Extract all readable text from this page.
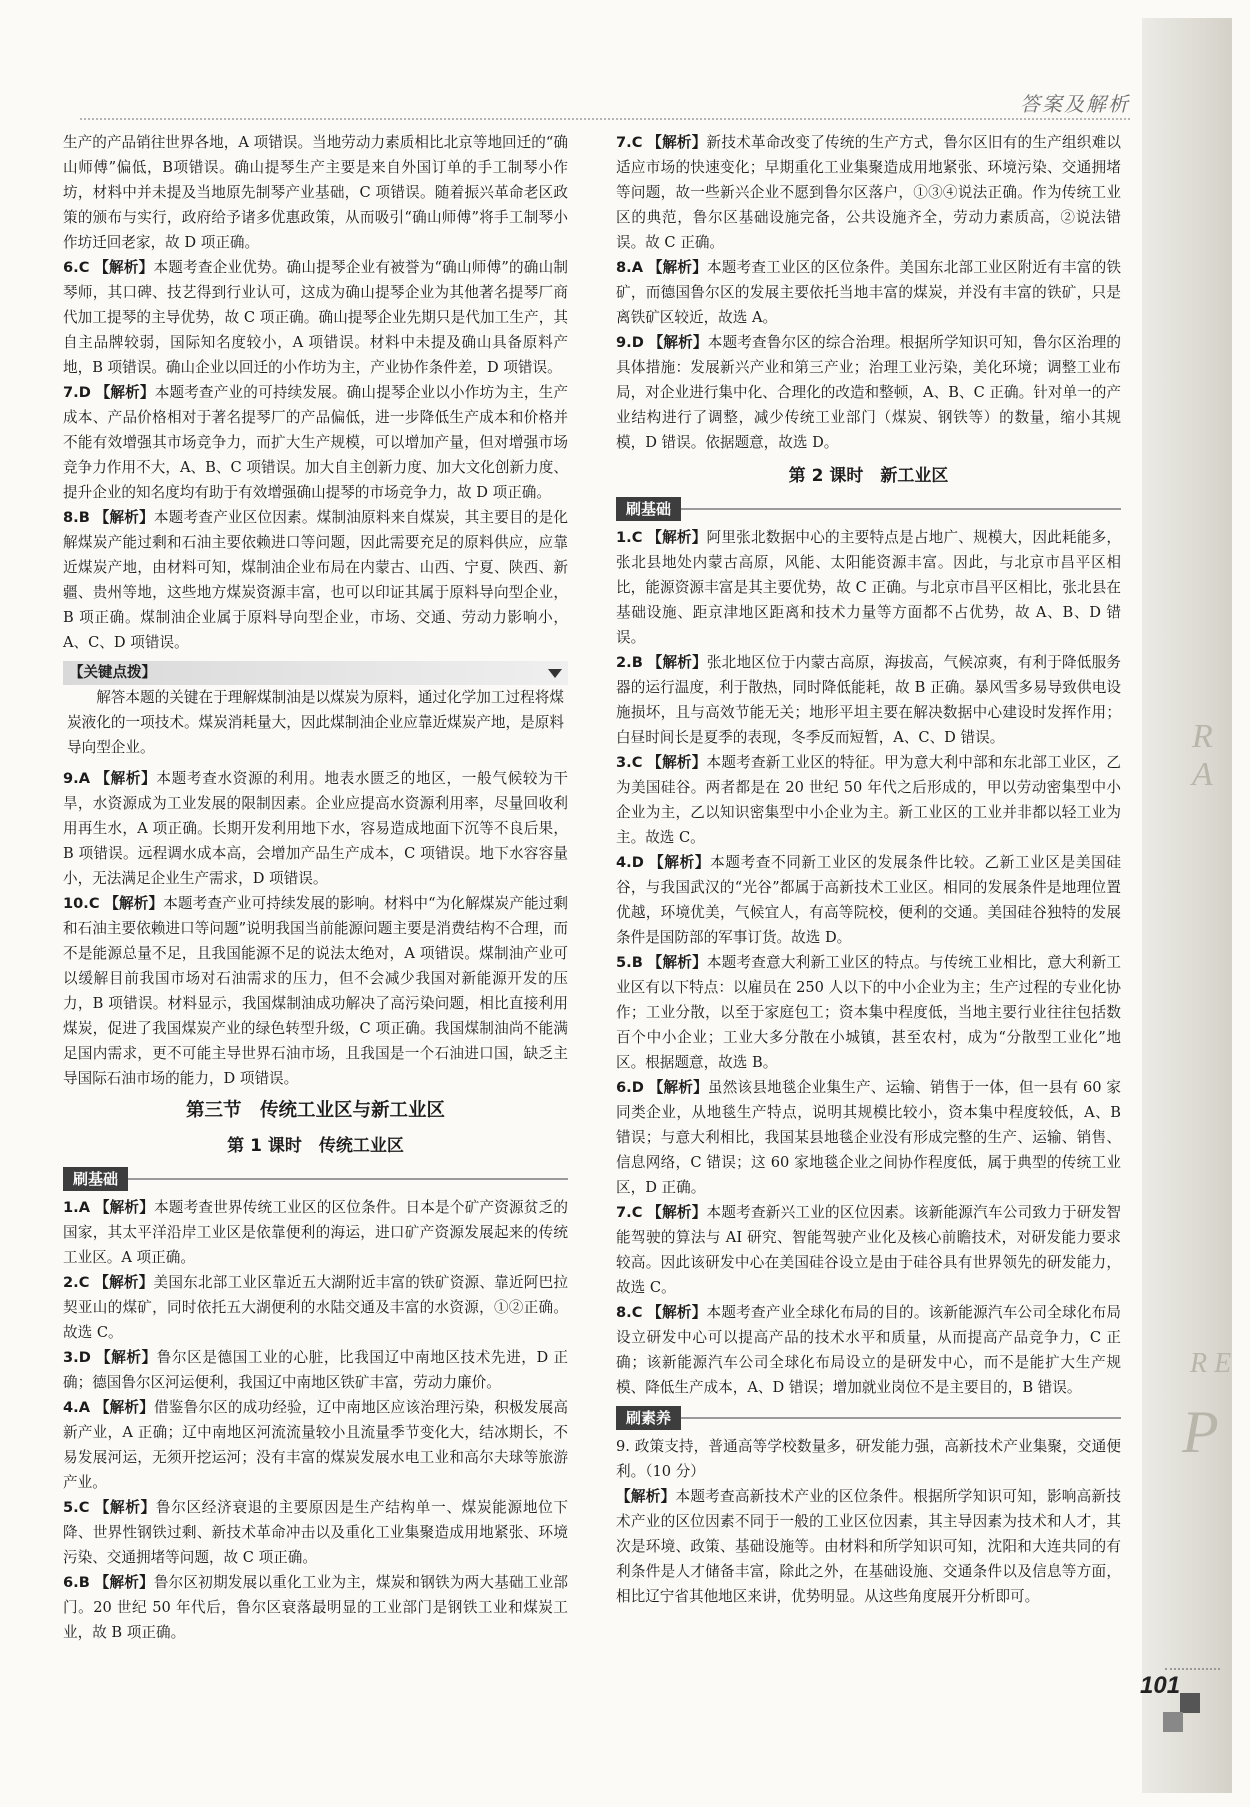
R A
R E
P
答案及解析

生产的产品销往世界各地，A 项错误。当地劳动力素质相比北京等地回迁的“确山师傅”偏低，B项错误。确山提琴生产主要是来自外国订单的手工制琴小作坊，材料中并未提及当地原先制琴产业基础，C 项错误。随着振兴革命老区政策的颁布与实行，政府给予诸多优惠政策，从而吸引“确山师傅”将手工制琴小作坊迁回老家，故 D 项正确。

6.C 【解析】本题考查企业优势。确山提琴企业有被誉为“确山师傅”的确山制琴师，其口碑、技艺得到行业认可，这成为确山提琴企业为其他著名提琴厂商代加工提琴的主导优势，故 C 项正确。确山提琴企业先期只是代加工生产，其自主品牌较弱，国际知名度较小，A 项错误。材料中未提及确山具备原料产地，B 项错误。确山企业以回迁的小作坊为主，产业协作条件差，D 项错误。

7.D 【解析】本题考查产业的可持续发展。确山提琴企业以小作坊为主，生产成本、产品价格相对于著名提琴厂的产品偏低，进一步降低生产成本和价格并不能有效增强其市场竞争力，而扩大生产规模，可以增加产量，但对增强市场竞争力作用不大，A、B、C 项错误。加大自主创新力度、加大文化创新力度、提升企业的知名度均有助于有效增强确山提琴的市场竞争力，故 D 项正确。

8.B 【解析】本题考查产业区位因素。煤制油原料来自煤炭，其主要目的是化解煤炭产能过剩和石油主要依赖进口等问题，因此需要充足的原料供应，应靠近煤炭产地，由材料可知，煤制油企业布局在内蒙古、山西、宁夏、陕西、新疆、贵州等地，这些地方煤炭资源丰富，也可以印证其属于原料导向型企业，B 项正确。煤制油企业属于原料导向型企业，市场、交通、劳动力影响小，A、C、D 项错误。

【关键点拨】

解答本题的关键在于理解煤制油是以煤炭为原料，通过化学加工过程将煤炭液化的一项技术。煤炭消耗量大，因此煤制油企业应靠近煤炭产地，是原料导向型企业。

9.A 【解析】本题考查水资源的利用。地表水匮乏的地区，一般气候较为干旱，水资源成为工业发展的限制因素。企业应提高水资源利用率，尽量回收利用再生水，A 项正确。长期开发利用地下水，容易造成地面下沉等不良后果，B 项错误。远程调水成本高，会增加产品生产成本，C 项错误。地下水容容量小，无法满足企业生产需求，D 项错误。

10.C 【解析】本题考查产业可持续发展的影响。材料中“为化解煤炭产能过剩和石油主要依赖进口等问题”说明我国当前能源问题主要是消费结构不合理，而不是能源总量不足，且我国能源不足的说法太绝对，A 项错误。煤制油产业可以缓解目前我国市场对石油需求的压力，但不会减少我国对新能源开发的压力，B 项错误。材料显示，我国煤制油成功解决了高污染问题，相比直接利用煤炭，促进了我国煤炭产业的绿色转型升级，C 项正确。我国煤制油尚不能满足国内需求，更不可能主导世界石油市场，且我国是一个石油进口国，缺乏主导国际石油市场的能力，D 项错误。

第三节　传统工业区与新工业区
第 1 课时　传统工业区
刷基础

1.A 【解析】本题考查世界传统工业区的区位条件。日本是个矿产资源贫乏的国家，其太平洋沿岸工业区是依靠便利的海运，进口矿产资源发展起来的传统工业区。A 项正确。

2.C 【解析】美国东北部工业区靠近五大湖附近丰富的铁矿资源、靠近阿巴拉契亚山的煤矿，同时依托五大湖便利的水陆交通及丰富的水资源，①②正确。故选 C。

3.D 【解析】鲁尔区是德国工业的心脏，比我国辽中南地区技术先进，D 正确；德国鲁尔区河运便利，我国辽中南地区铁矿丰富，劳动力廉价。

4.A 【解析】借鉴鲁尔区的成功经验，辽中南地区应该治理污染，积极发展高新产业，A 正确；辽中南地区河流流量较小且流量季节变化大，结冰期长，不易发展河运，无须开挖运河；没有丰富的煤炭发展水电工业和高尔夫球等旅游产业。

5.C 【解析】鲁尔区经济衰退的主要原因是生产结构单一、煤炭能源地位下降、世界性钢铁过剩、新技术革命冲击以及重化工业集聚造成用地紧张、环境污染、交通拥堵等问题，故 C 项正确。

6.B 【解析】鲁尔区初期发展以重化工业为主，煤炭和钢铁为两大基础工业部门。20 世纪 50 年代后，鲁尔区衰落最明显的工业部门是钢铁工业和煤炭工业，故 B 项正确。

7.C 【解析】新技术革命改变了传统的生产方式，鲁尔区旧有的生产组织难以适应市场的快速变化；早期重化工业集聚造成用地紧张、环境污染、交通拥堵等问题，故一些新兴企业不愿到鲁尔区落户，①③④说法正确。作为传统工业区的典范，鲁尔区基础设施完备，公共设施齐全，劳动力素质高，②说法错误。故 C 正确。

8.A 【解析】本题考查工业区的区位条件。美国东北部工业区附近有丰富的铁矿，而德国鲁尔区的发展主要依托当地丰富的煤炭，并没有丰富的铁矿，只是离铁矿区较近，故选 A。

9.D 【解析】本题考查鲁尔区的综合治理。根据所学知识可知，鲁尔区治理的具体措施：发展新兴产业和第三产业；治理工业污染，美化环境；调整工业布局，对企业进行集中化、合理化的改造和整顿，A、B、C 正确。针对单一的产业结构进行了调整，减少传统工业部门（煤炭、钢铁等）的数量，缩小其规模，D 错误。依据题意，故选 D。

第 2 课时　新工业区
刷基础

1.C 【解析】阿里张北数据中心的主要特点是占地广、规模大，因此耗能多，张北县地处内蒙古高原，风能、太阳能资源丰富。因此，与北京市昌平区相比，能源资源丰富是其主要优势，故 C 正确。与北京市昌平区相比，张北县在基础设施、距京津地区距离和技术力量等方面都不占优势，故 A、B、D 错误。

2.B 【解析】张北地区位于内蒙古高原，海拔高，气候凉爽，有利于降低服务器的运行温度，利于散热，同时降低能耗，故 B 正确。暴风雪多易导致供电设施损坏，且与高效节能无关；地形平坦主要在解决数据中心建设时发挥作用；白昼时间长是夏季的表现，冬季反而短暂，A、C、D 错误。

3.C 【解析】本题考查新工业区的特征。甲为意大利中部和东北部工业区，乙为美国硅谷。两者都是在 20 世纪 50 年代之后形成的，甲以劳动密集型中小企业为主，乙以知识密集型中小企业为主。新工业区的工业并非都以轻工业为主。故选 C。

4.D 【解析】本题考查不同新工业区的发展条件比较。乙新工业区是美国硅谷，与我国武汉的“光谷”都属于高新技术工业区。相同的发展条件是地理位置优越，环境优美，气候宜人，有高等院校，便利的交通。美国硅谷独特的发展条件是国防部的军事订货。故选 D。

5.B 【解析】本题考查意大利新工业区的特点。与传统工业相比，意大利新工业区有以下特点：以雇员在 250 人以下的中小企业为主；生产过程的专业化协作；工业分散，以至于家庭包工；资本集中程度低，当地主要行业往往包括数百个中小企业；工业大多分散在小城镇，甚至农村，成为“分散型工业化”地区。根据题意，故选 B。

6.D 【解析】虽然该县地毯企业集生产、运输、销售于一体，但一县有 60 家同类企业，从地毯生产特点，说明其规模比较小，资本集中程度较低，A、B 错误；与意大利相比，我国某县地毯企业没有形成完整的生产、运输、销售、信息网络，C 错误；这 60 家地毯企业之间协作程度低，属于典型的传统工业区，D 正确。

7.C 【解析】本题考查新兴工业的区位因素。该新能源汽车公司致力于研发智能驾驶的算法与 AI 研究、智能驾驶产业化及核心前瞻技术，对研发能力要求较高。因此该研发中心在美国硅谷设立是由于硅谷具有世界领先的研发能力，故选 C。

8.C 【解析】本题考查产业全球化布局的目的。该新能源汽车公司全球化布局设立研发中心可以提高产品的技术水平和质量，从而提高产品竞争力，C 正确；该新能源汽车公司全球化布局设立的是研发中心，而不是能扩大生产规模、降低生产成本，A、D 错误；增加就业岗位不是主要目的，B 错误。

刷素养

9. 政策支持，普通高等学校数量多，研发能力强，高新技术产业集聚，交通便利。（10 分）

【解析】本题考查高新技术产业的区位条件。根据所学知识可知，影响高新技术产业的区位因素不同于一般的工业区位因素，其主导因素为技术和人才，其次是环境、政策、基础设施等。由材料和所学知识可知，沈阳和大连共同的有利条件是人才储备丰富，除此之外，在基础设施、交通条件以及信息等方面，相比辽宁省其他地区来讲，优势明显。从这些角度展开分析即可。

101
